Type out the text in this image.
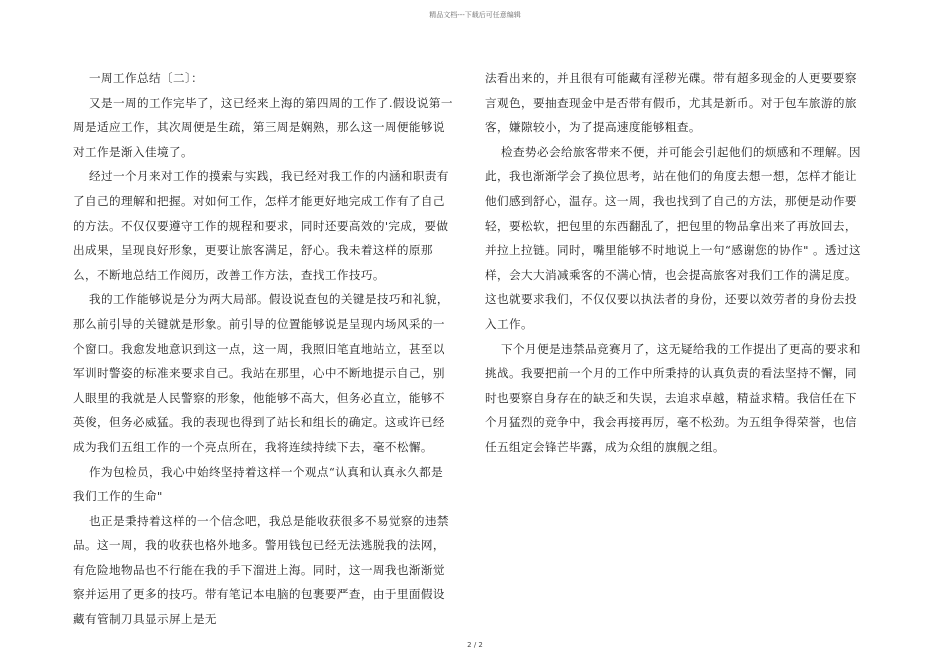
精品文档---下载后可任意编辑

一周工作总结〔二〕：

又是一周的工作完毕了，这已经来上海的第四周的工作了.假设说第一周是适应工作，其次周便是生疏，第三周是娴熟，那么这一周便能够说对工作是渐入佳境了。

经过一个月来对工作的摸索与实践，我已经对我工作的内涵和职责有了自己的理解和把握。对如何工作，怎样才能更好地完成工作有了自己的方法。不仅仅要遵守工作的规程和要求，同时还要高效的'完成，要做出成果，呈现良好形象，更要让旅客满足，舒心。我未着这样的原那么，不断地总结工作阅历，改善工作方法，查找工作技巧。

我的工作能够说是分为两大局部。假设说查包的关键是技巧和礼貌，那么前引导的关键就是形象。前引导的位置能够说是呈现内场风采的一个窗口。我愈发地意识到这一点，这一周，我照旧笔直地站立，甚至以军训时警姿的标准来要求自己。我站在那里，心中不断地提示自己，别人眼里的我就是人民警察的形象，他能够不高大，但务必直立，能够不英俊，但务必威猛。我的表现也得到了站长和组长的确定。这或许已经成为我们五组工作的一个亮点所在，我将连续持续下去，毫不松懈。

作为包检员，我心中始终坚持着这样一个观点“认真和认真永久都是我们工作的生命"

也正是秉持着这样的一个信念吧，我总是能收获很多不易觉察的违禁品。这一周，我的收获也格外地多。警用钱包已经无法逃脱我的法网，有危险地物品也不行能在我的手下溜进上海。同时，这一周我也渐渐觉察并运用了更多的技巧。带有笔记本电脑的包裹要严查，由于里面假设藏有管制刀具显示屏上是无

法看出来的，并且很有可能藏有淫秽光碟。带有超多现金的人更要要察言观色，要抽查现金中是否带有假币，尤其是新币。对于包车旅游的旅客，嫌隙较小，为了提高速度能够粗查。

检查势必会给旅客带来不便，并可能会引起他们的烦感和不理解。因此，我也渐渐学会了换位思考，站在他们的角度去想一想，怎样才能让他们感到舒心，温存。这一周，我也找到了自己的方法，那便是动作要轻，要松软，把包里的东西翻乱了，把包里的物品拿出来了再放回去，并拉上拉链。同时，嘴里能够不时地说上一句“感谢您的协作" 。透过这样，会大大消减乘客的不满心情，也会提高旅客对我们工作的满足度。这也就要求我们，不仅仅要以执法者的身份，还要以效劳者的身份去投入工作。

下个月便是违禁品竞赛月了，这无疑给我的工作提出了更高的要求和挑战。我要把前一个月的工作中所秉持的认真负责的看法坚持不懈，同时也要察自身存在的缺乏和失误，去追求卓越，精益求精。我信任在下个月猛烈的竞争中，我会再接再厉，毫不松劲。为五组争得荣誉，也信任五组定会锋芒毕露，成为众组的旗舰之组。

2 / 2
